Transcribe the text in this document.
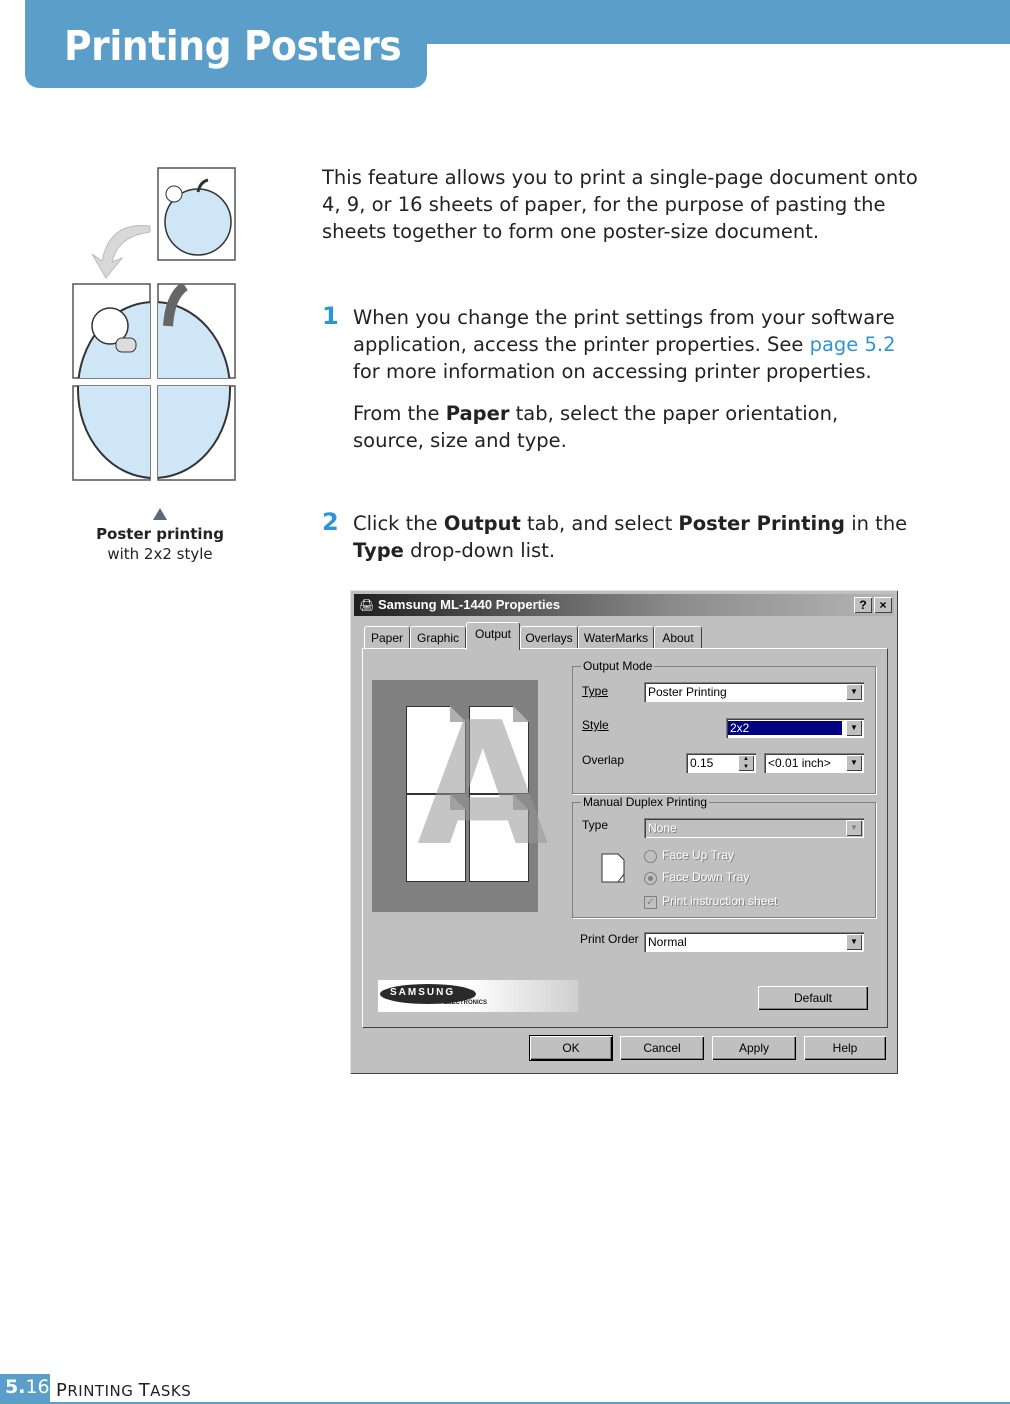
Printing Posters
Poster printing
with 2x2 style
This feature allows you to print a single-page document onto 4, 9, or 16 sheets of paper, for the purpose of pasting the sheets together to form one poster-size document.
1 When you change the print settings from your software application, access the printer properties. See page 5.2 for more information on accessing printer properties.
From the Paper tab, select the paper orientation, source, size and type.
2 Click the Output tab, and select Poster Printing in the Type drop-down list.
🖨 Samsung ML-1440 Properties	?	×
Paper	Graphic	Output	Overlays WaterMarks	About
A
Output Mode
Type	Poster Printing	▼
Style	2x2	▼
Overlap	0.15	▲
▼	<0.01 inch>	▼
Manual Duplex Printing
Type	None	▼
Face Up Tray
Face Down Tray
✓ Print instruction sheet
Print Order Normal	▼
SAMSUNG
ELECTRONICS	Default
OK	Cancel	Apply	Help
5.16 PRINTING TASKS
